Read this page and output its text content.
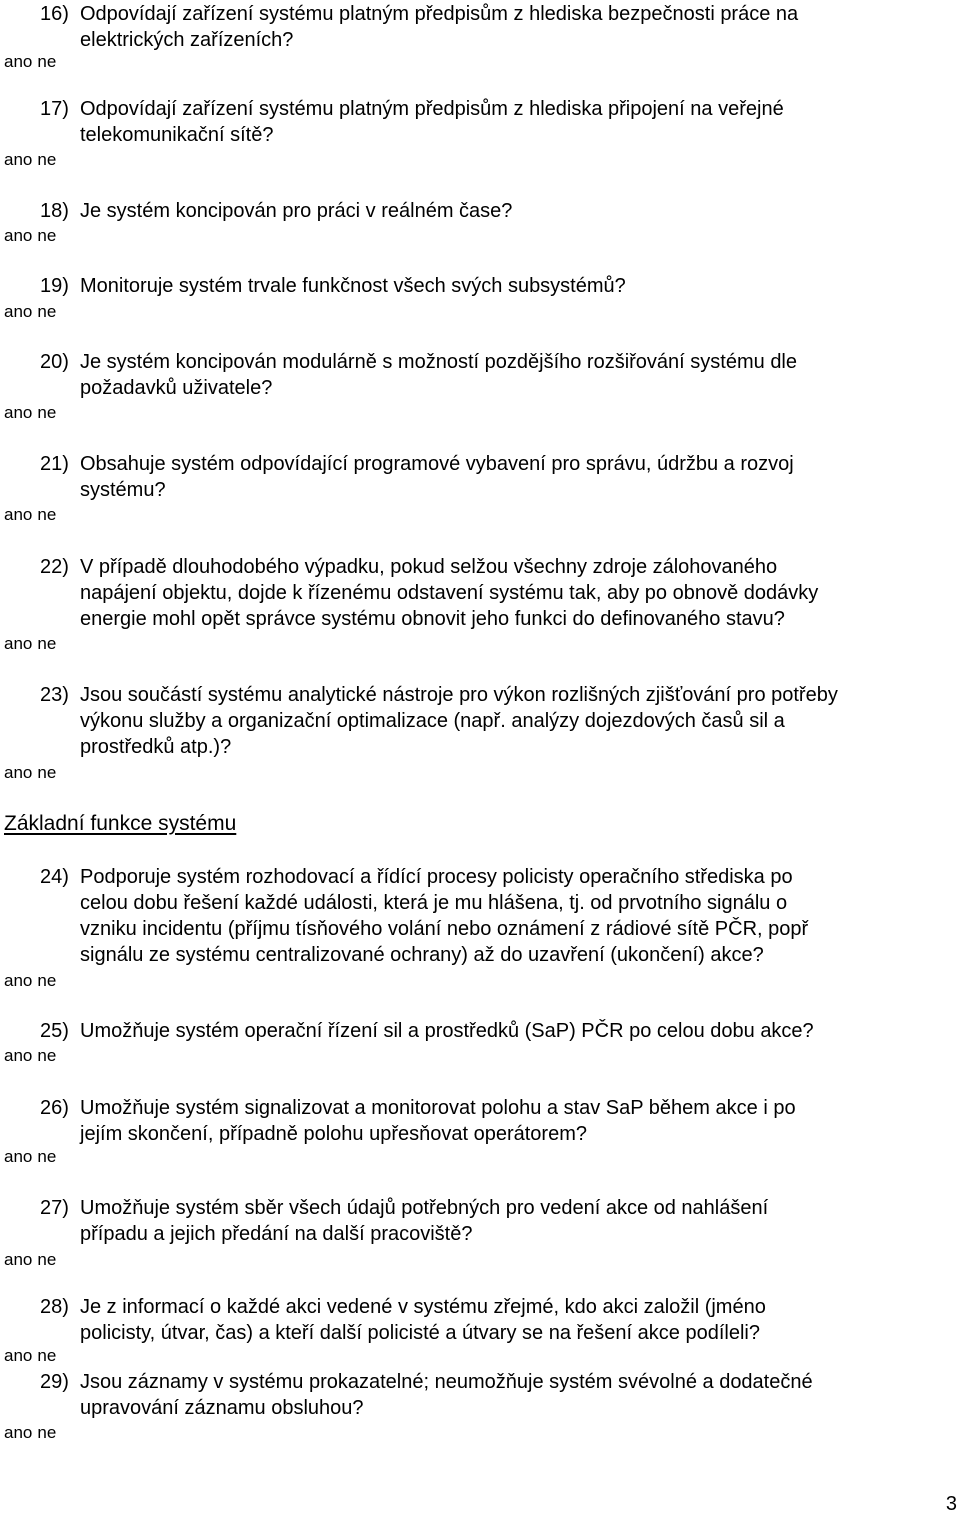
16) Odpovídají zařízení systému platným předpisům z hlediska bezpečnosti práce na
elektrických zařízeních?
ano ne
17) Odpovídají zařízení systému platným předpisům z hlediska připojení na veřejné
telekomunikační sítě?
ano ne
18) Je systém koncipován pro práci v reálném čase?
ano ne
19) Monitoruje systém trvale funkčnost všech svých subsystémů?
ano ne
20) Je systém koncipován modulárně s možností pozdějšího rozšiřování systému dle
požadavků uživatele?
ano ne
21) Obsahuje systém odpovídající programové vybavení pro správu, údržbu a rozvoj
systému?
ano ne
22) V případě dlouhodobého výpadku, pokud selžou všechny zdroje zálohovaného
napájení objektu, dojde k řízenému odstavení systému tak, aby po obnově dodávky
energie mohl opět správce systému obnovit jeho funkci do definovaného stavu?
ano ne
23) Jsou součástí systému analytické nástroje pro výkon rozlišných zjišťování pro potřeby
výkonu služby a organizační optimalizace (např. analýzy dojezdových časů sil a
prostředků atp.)?
ano ne
24) Podporuje systém rozhodovací a řídící procesy policisty operačního střediska po
celou dobu řešení každé události, která je mu hlášena, tj. od prvotního signálu o
vzniku incidentu (příjmu tísňového volání nebo oznámení z rádiové sítě PČR, popř
signálu ze systému centralizované ochrany) až do uzavření (ukončení) akce?
ano ne
25) Umožňuje systém operační řízení sil a prostředků (SaP) PČR po celou dobu akce?
ano ne
26) Umožňuje systém signalizovat a monitorovat polohu a stav SaP během akce i po
jejím skončení, případně polohu upřesňovat operátorem?
ano ne
27) Umožňuje systém sběr všech údajů potřebných pro vedení akce od nahlášení
případu a jejich předání na další pracoviště?
ano ne
28) Je z informací o každé akci vedené v systému zřejmé, kdo akci založil (jméno
policisty, útvar, čas) a kteří další policisté a útvary se na řešení akce podíleli?
ano ne
29) Jsou záznamy v systému prokazatelné; neumožňuje systém svévolné a dodatečné
upravování záznamu obsluhou?
ano ne
Základní funkce systému
3
